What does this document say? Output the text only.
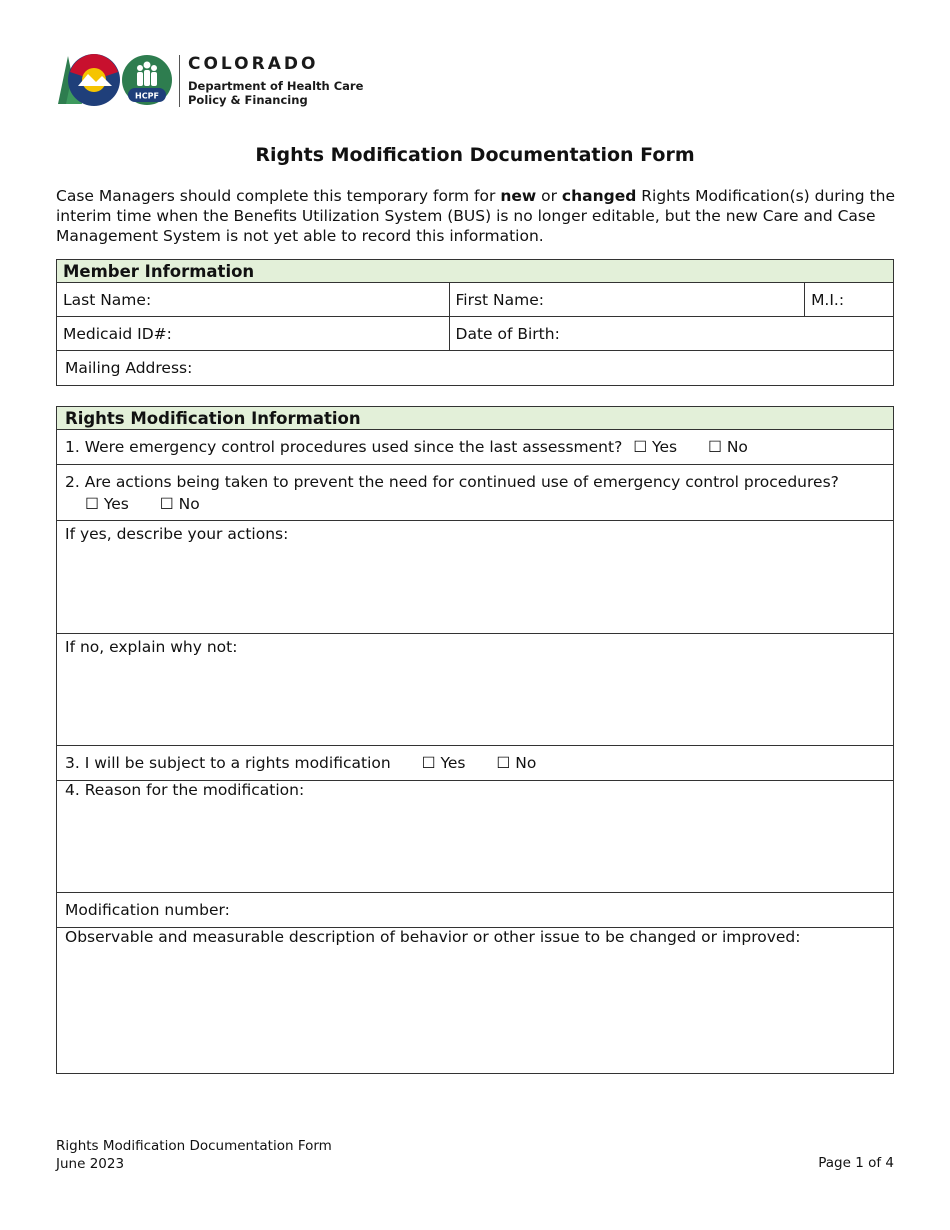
HCPF
COLORADO
Department of Health Care
Policy & Financing
Rights Modification Documentation Form
Case Managers should complete this temporary form for new or changed Rights Modification(s) during the interim time when the Benefits Utilization System (BUS) is no longer editable, but the new Care and Case Management System is not yet able to record this information.
Member Information		
Last Name:	First Name:	M.I.:
Medicaid ID#:	Date of Birth:	
Mailing Address:		
Rights Modification Information
1. Were emergency control procedures used since the last assessment? ☐ Yes ☐ No

2. Are actions being taken to prevent the need for continued use of emergency control procedures?
☐ Yes ☐ No

If yes, describe your actions:
If no, explain why not:
3. I will be subject to a rights modification ☐ Yes ☐ No
4. Reason for the modification:
Modification number:
Observable and measurable description of behavior or other issue to be changed or improved:
Rights Modification Documentation Form
June 2023	Page 1 of 4
